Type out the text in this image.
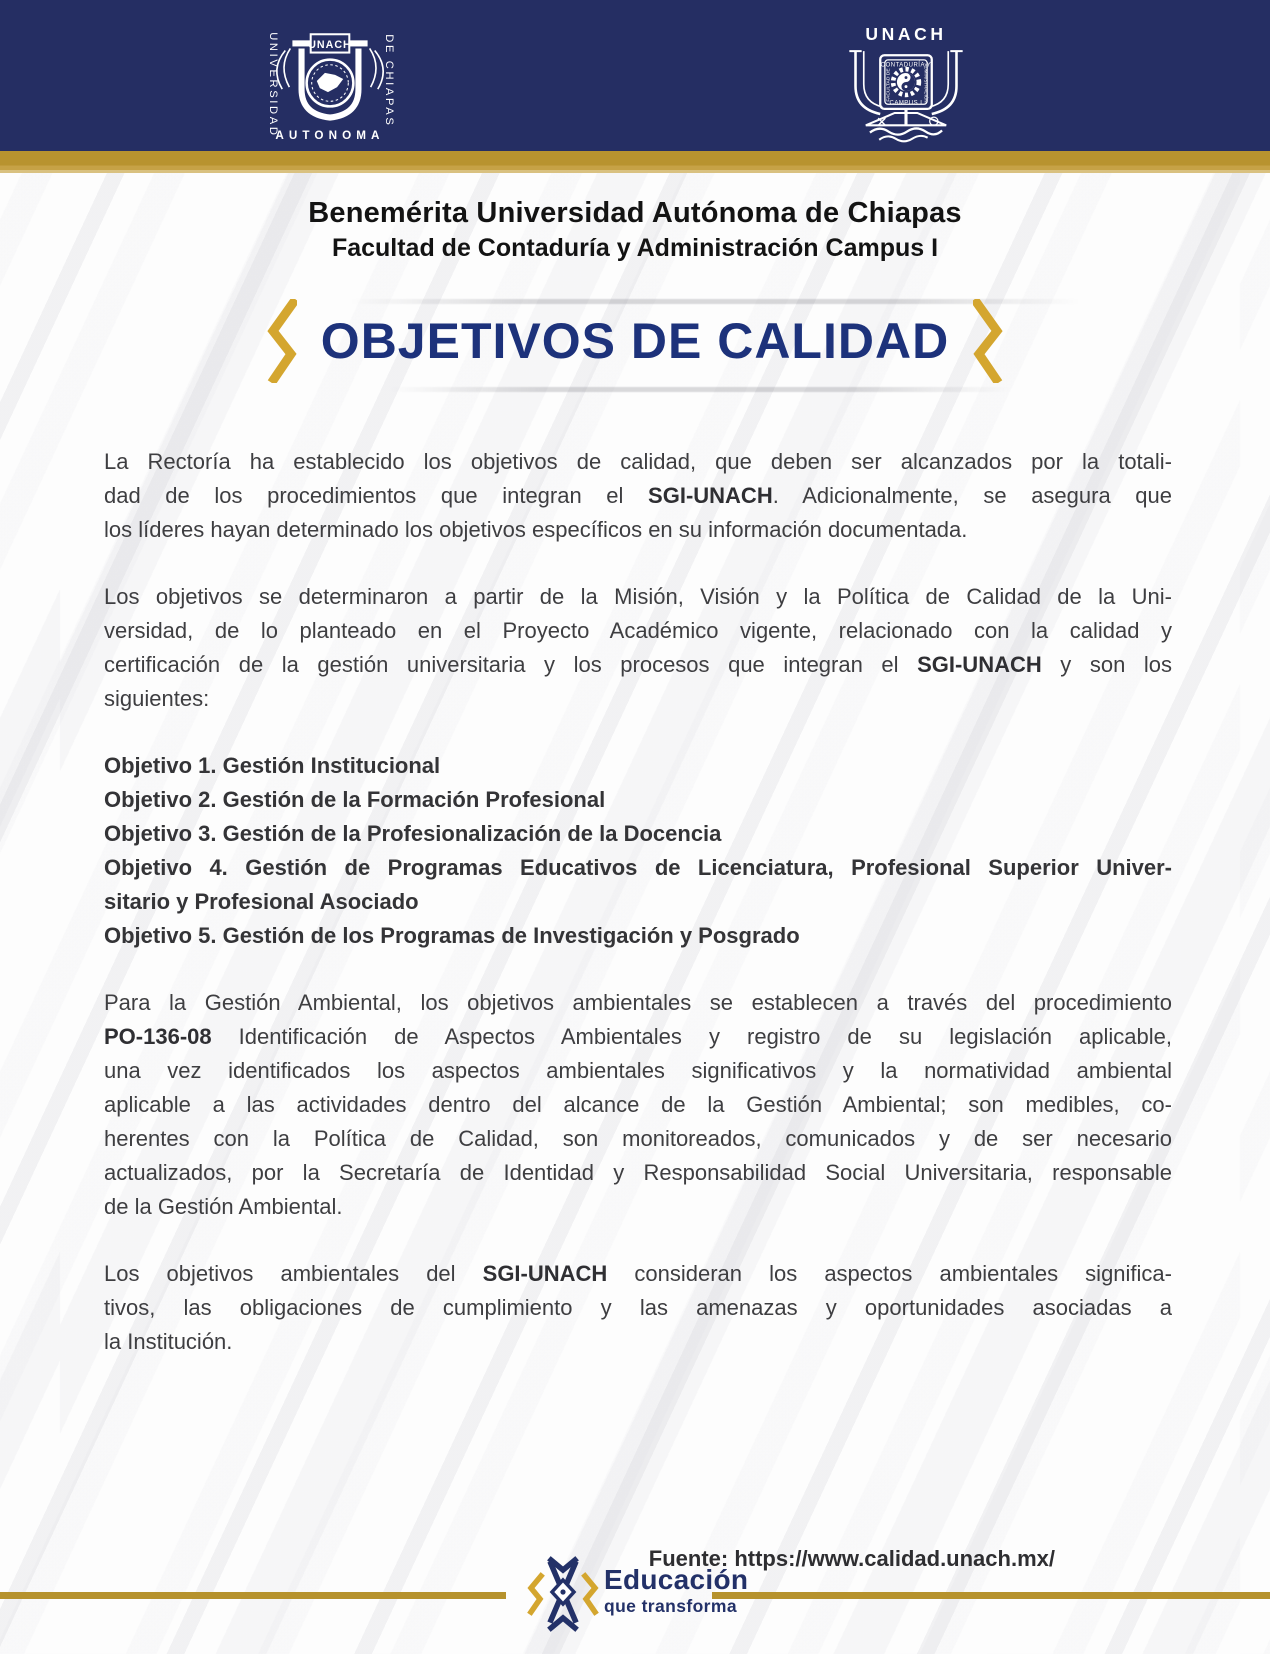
UNIVERSIDAD	DE CHIAPAS
UNACH
AUTONOMA
UNACH
CONTADURÍA Y
FACULTAD DE	ADMINISTRACIÓN
CAMPUS I
Benemérita Universidad Autónoma de Chiapas
Facultad de Contaduría y Administración Campus I
OBJETIVOS DE CALIDAD
La Rectoría ha establecido los objetivos de calidad, que deben ser alcanzados por la totali-
dad de los procedimientos que integran el SGI-UNACH. Adicionalmente, se asegura que
los líderes hayan determinado los objetivos específicos en su información documentada.
Los objetivos se determinaron a partir de la Misión, Visión y la Política de Calidad de la Uni-
versidad, de lo planteado en el Proyecto Académico vigente, relacionado con la calidad y
certificación de la gestión universitaria y los procesos que integran el SGI-UNACH y son los
siguientes:
Objetivo 1. Gestión Institucional
Objetivo 2. Gestión de la Formación Profesional
Objetivo 3. Gestión de la Profesionalización de la Docencia
Objetivo 4. Gestión de Programas Educativos de Licenciatura, Profesional Superior Univer-
sitario y Profesional Asociado
Objetivo 5. Gestión de los Programas de Investigación y Posgrado
Para la Gestión Ambiental, los objetivos ambientales se establecen a través del procedimiento
PO-136-08 Identificación de Aspectos Ambientales y registro de su legislación aplicable,
una vez identificados los aspectos ambientales significativos y la normatividad ambiental
aplicable a las actividades dentro del alcance de la Gestión Ambiental; son medibles, co-
herentes con la Política de Calidad, son monitoreados, comunicados y de ser necesario
actualizados, por la Secretaría de Identidad y Responsabilidad Social Universitaria, responsable
de la Gestión Ambiental.
Los objetivos ambientales del SGI-UNACH consideran los aspectos ambientales significa-
tivos, las obligaciones de cumplimiento y las amenazas y oportunidades asociadas a
la Institución.
Educación
que transforma
Fuente: https://www.calidad.unach.mx/
